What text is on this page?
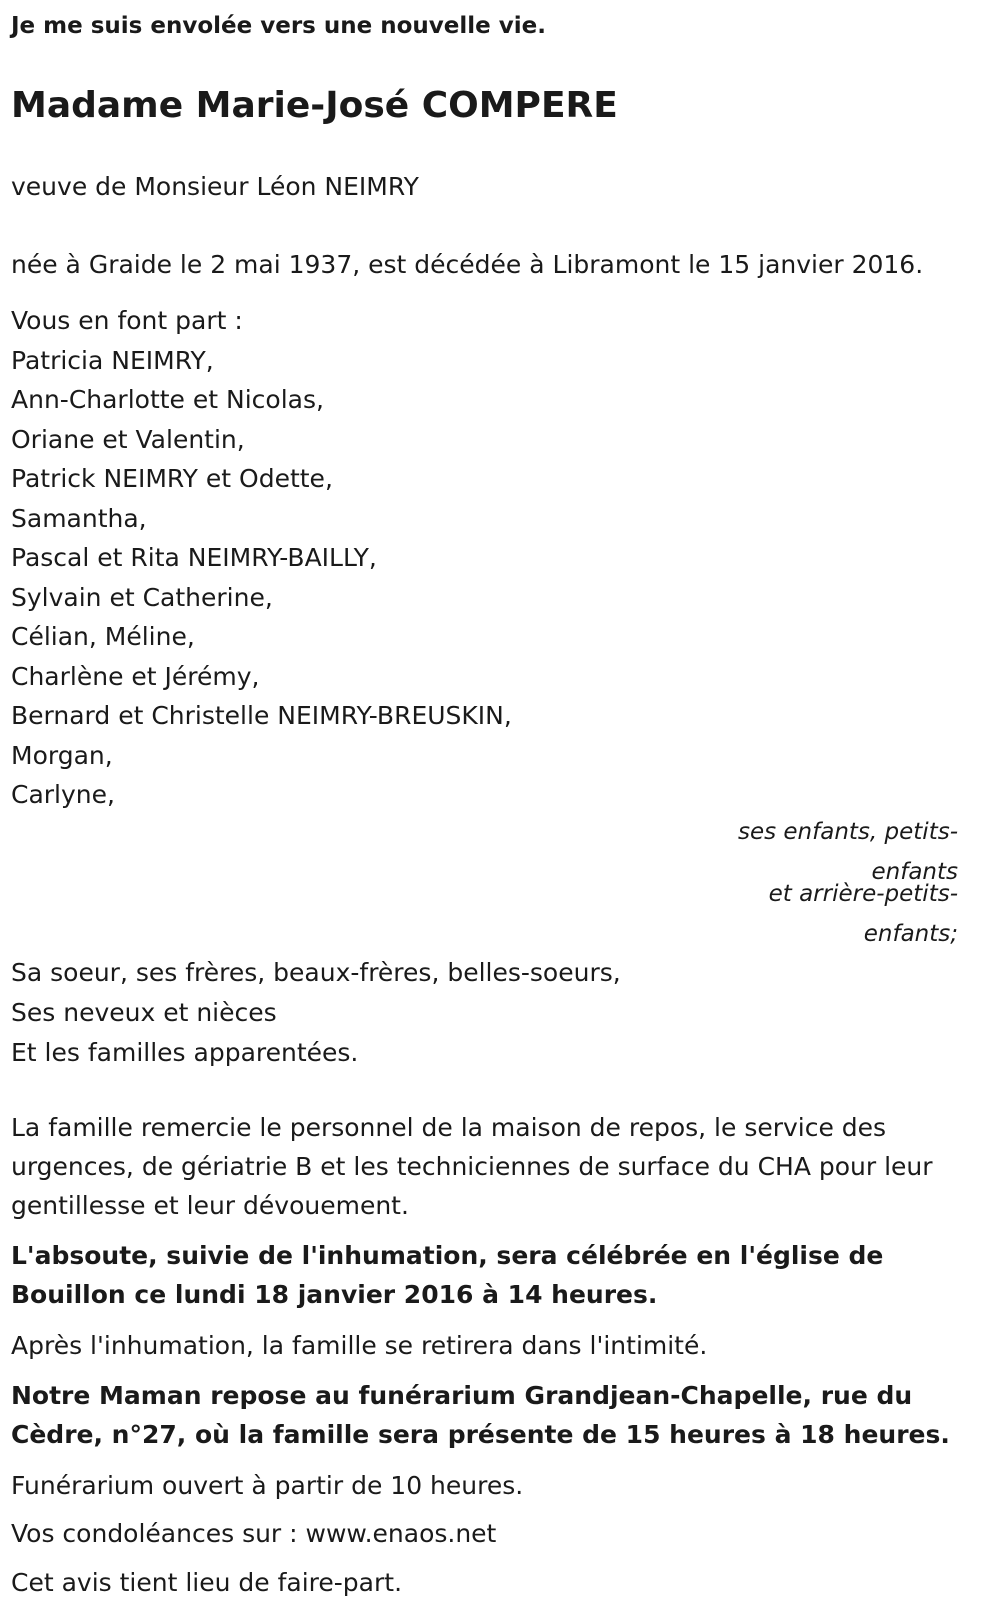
Je me suis envolée vers une nouvelle vie.
Madame Marie-José COMPERE

veuve de Monsieur Léon NEIMRY

née à Graide le 2 mai 1937, est décédée à Libramont le 15 janvier 2016.

Vous en font part :
Patricia NEIMRY,
Ann-Charlotte et Nicolas,
Oriane et Valentin,
Patrick NEIMRY et Odette,
Samantha,
Pascal et Rita NEIMRY-BAILLY,
Sylvain et Catherine,
Célian, Méline,
Charlène et Jérémy,
Bernard et Christelle NEIMRY-BREUSKIN,
Morgan,
Carlyne,
ses enfants, petits-
enfants
et arrière-petits-
enfants;

Sa soeur, ses frères, beaux-frères, belles-soeurs,

Ses neveux et nièces

Et les familles apparentées.

La famille remercie le personnel de la maison de repos, le service des urgences, de gériatrie B et les techniciennes de surface du CHA pour leur gentillesse et leur dévouement.

L'absoute, suivie de l'inhumation, sera célébrée en l'église de Bouillon ce lundi 18 janvier 2016 à 14 heures.

Après l'inhumation, la famille se retirera dans l'intimité.

Notre Maman repose au funérarium Grandjean-Chapelle, rue du Cèdre, n°27, où la famille sera présente de 15 heures à 18 heures.

Funérarium ouvert à partir de 10 heures.

Vos condoléances sur : www.enaos.net

Cet avis tient lieu de faire-part.
